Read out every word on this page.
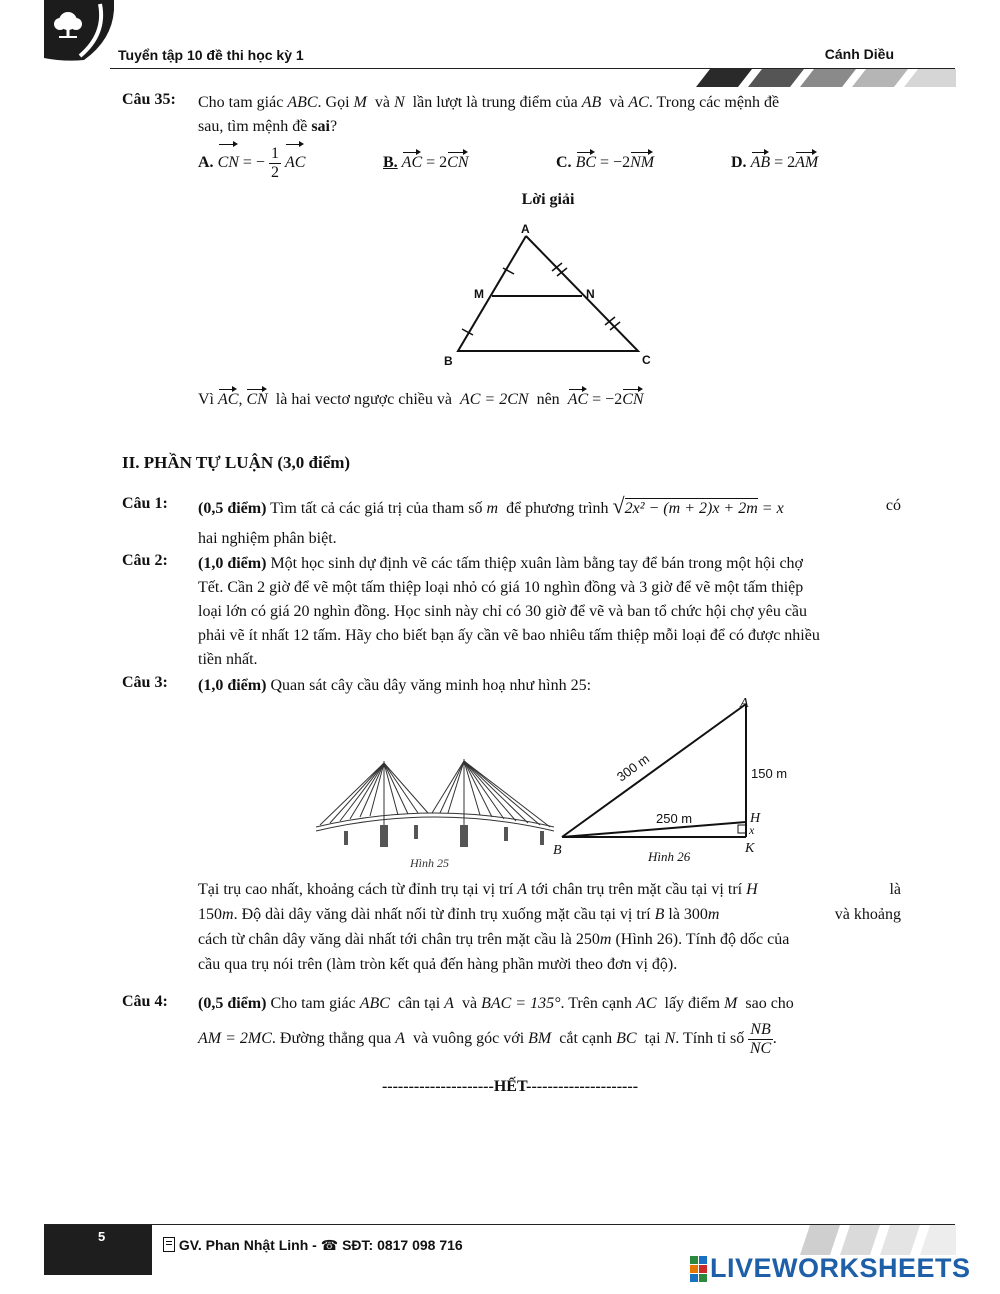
Tuyển tập 10 đề thi học kỳ 1	Cánh Diều
Câu 35: Cho tam giác ABC. Gọi M và N lần lượt là trung điểm của AB và AC. Trong các mệnh đề
sau, tìm mệnh đề sai?
A. CN = − $\frac{1}{2}$ AC	B. AC = 2CN	C. BC = −2NM	D. AB = 2AM
Lời giải
A
B	C
M	N
Vì AC, CN là hai vectơ ngược chiều và AC = 2CN nên AC = −2CN
II. PHẦN TỰ LUẬN (3,0 điểm)
Câu 1: (0,5 điểm) Tìm tất cả các giá trị của tham số m để phương trình √2x² − (m + 2)x + 2m = x	có
hai nghiệm phân biệt.
Câu 2: (1,0 điểm) Một học sinh dự định vẽ các tấm thiệp xuân làm bằng tay để bán trong một hội chợ
Tết. Cần 2 giờ để vẽ một tấm thiệp loại nhỏ có giá 10 nghìn đồng và 3 giờ để vẽ một tấm thiệp
loại lớn có giá 20 nghìn đồng. Học sinh này chỉ có 30 giờ để vẽ và ban tổ chức hội chợ yêu cầu
phải vẽ ít nhất 12 tấm. Hãy cho biết bạn ấy cần vẽ bao nhiêu tấm thiệp mỗi loại để có được nhiều
tiền nhất.
Câu 3: (1,0 điểm) Quan sát cây cầu dây văng minh hoạ như hình 25:
Hình 25
300 m	150 m
250 m
A
B
H
x
K
Hình 26
Tại trụ cao nhất, khoảng cách từ đỉnh trụ tại vị trí A tới chân trụ trên mặt cầu tại vị trí H	là
150m. Độ dài dây văng dài nhất nối từ đỉnh trụ xuống mặt cầu tại vị trí B là 300m	và khoảng
cách từ chân dây văng dài nhất tới chân trụ trên mặt cầu là 250m (Hình 26). Tính độ dốc của
cầu qua trụ nói trên (làm tròn kết quả đến hàng phần mười theo đơn vị độ).
Câu 4: (0,5 điểm) Cho tam giác ABC cân tại A và BAC = 135°. Trên cạnh AC lấy điểm M sao cho
AM = 2MC. Đường thẳng qua A và vuông góc với BM cắt cạnh BC tại N. Tính tỉ số $\frac{NB}{NC}$ .
---------------------HẾT---------------------
5
GV. Phan Nhật Linh - ☎ SĐT: 0817 098 716
LIVEWORKSHEETS
